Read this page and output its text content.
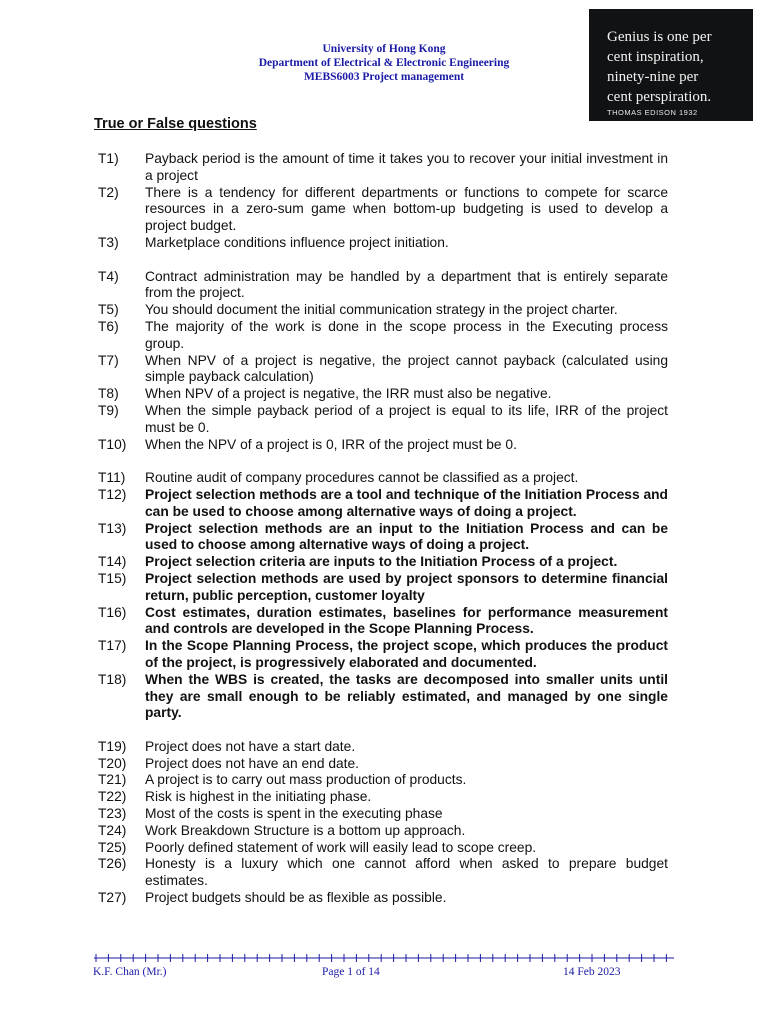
University of Hong Kong
Department of Electrical & Electronic Engineering
MEBS6003 Project management
Genius is one per
cent inspiration,
ninety-nine per
cent perspiration.
THOMAS EDISON 1932
True or False questions
T1)	Payback period is the amount of time it takes you to recover your initial investment in a project
T2)	There is a tendency for different departments or functions to compete for scarce resources in a zero-sum game when bottom-up budgeting is used to develop a project budget.
T3)	Marketplace conditions influence project initiation.
T4)	Contract administration may be handled by a department that is entirely separate from the project.
T5)	You should document the initial communication strategy in the project charter.
T6)	The majority of the work is done in the scope process in the Executing process group.
T7)	When NPV of a project is negative, the project cannot payback (calculated using simple payback calculation)
T8)	When NPV of a project is negative, the IRR must also be negative.
T9)	When the simple payback period of a project is equal to its life, IRR of the project must be 0.
T10)	When the NPV of a project is 0, IRR of the project must be 0.
T11)	Routine audit of company procedures cannot be classified as a project.
T12)	Project selection methods are a tool and technique of the Initiation Process and can be used to choose among alternative ways of doing a project.
T13)	Project selection methods are an input to the Initiation Process and can be used to choose among alternative ways of doing a project.
T14)	Project selection criteria are inputs to the Initiation Process of a project.
T15)	Project selection methods are used by project sponsors to determine financial return, public perception, customer loyalty
T16)	Cost estimates, duration estimates, baselines for performance measurement and controls are developed in the Scope Planning Process.
T17)	In the Scope Planning Process, the project scope, which produces the product of the project, is progressively elaborated and documented.
T18)	When the WBS is created, the tasks are decomposed into smaller units until they are small enough to be reliably estimated, and managed by one single party.
T19)	Project does not have a start date.
T20)	Project does not have an end date.
T21)	A project is to carry out mass production of products.
T22)	Risk is highest in the initiating phase.
T23)	Most of the costs is spent in the executing phase
T24)	Work Breakdown Structure is a bottom up approach.
T25)	Poorly defined statement of work will easily lead to scope creep.
T26)	Honesty is a luxury which one cannot afford when asked to prepare budget estimates.
T27)	Project budgets should be as flexible as possible.
K.F. Chan (Mr.)	Page 1 of 14	14 Feb 2023
